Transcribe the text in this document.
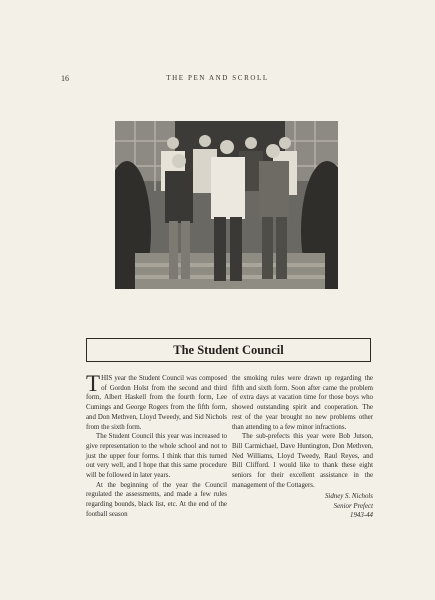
16	THE PEN AND SCROLL
The Student Council

THIS year the Student Council was composed of Gordon Holst from the second and third form, Albert Haskell from the fourth form, Lee Cumings and George Rogers from the fifth form, and Don Methven, Lloyd Tweedy, and Sid Nichols from the sixth form.

The Student Council this year was increased to give representation to the whole school and not to just the upper four forms. I think that this turned out very well, and I hope that this same procedure will be followed in later years.

At the beginning of the year the Council regulated the assessments, and made a few rules regarding bounds, black list, etc. At the end of the football season

the smoking rules were drawn up regarding the fifth and sixth form. Soon after came the problem of extra days at vacation time for those boys who showed outstanding spirit and cooperation. The rest of the year brought no new problems other than attending to a few minor infractions.

The sub-prefects this year were Bob Jutson, Bill Carmichael, Dave Huntington, Don Methven, Ned Williams, Lloyd Tweedy, Raul Reyes, and Bill Clifford. I would like to thank these eight seniors for their excellent assistance in the management of the Cottagers.

Sidney S. Nichols
Senior Prefect
1943-44
